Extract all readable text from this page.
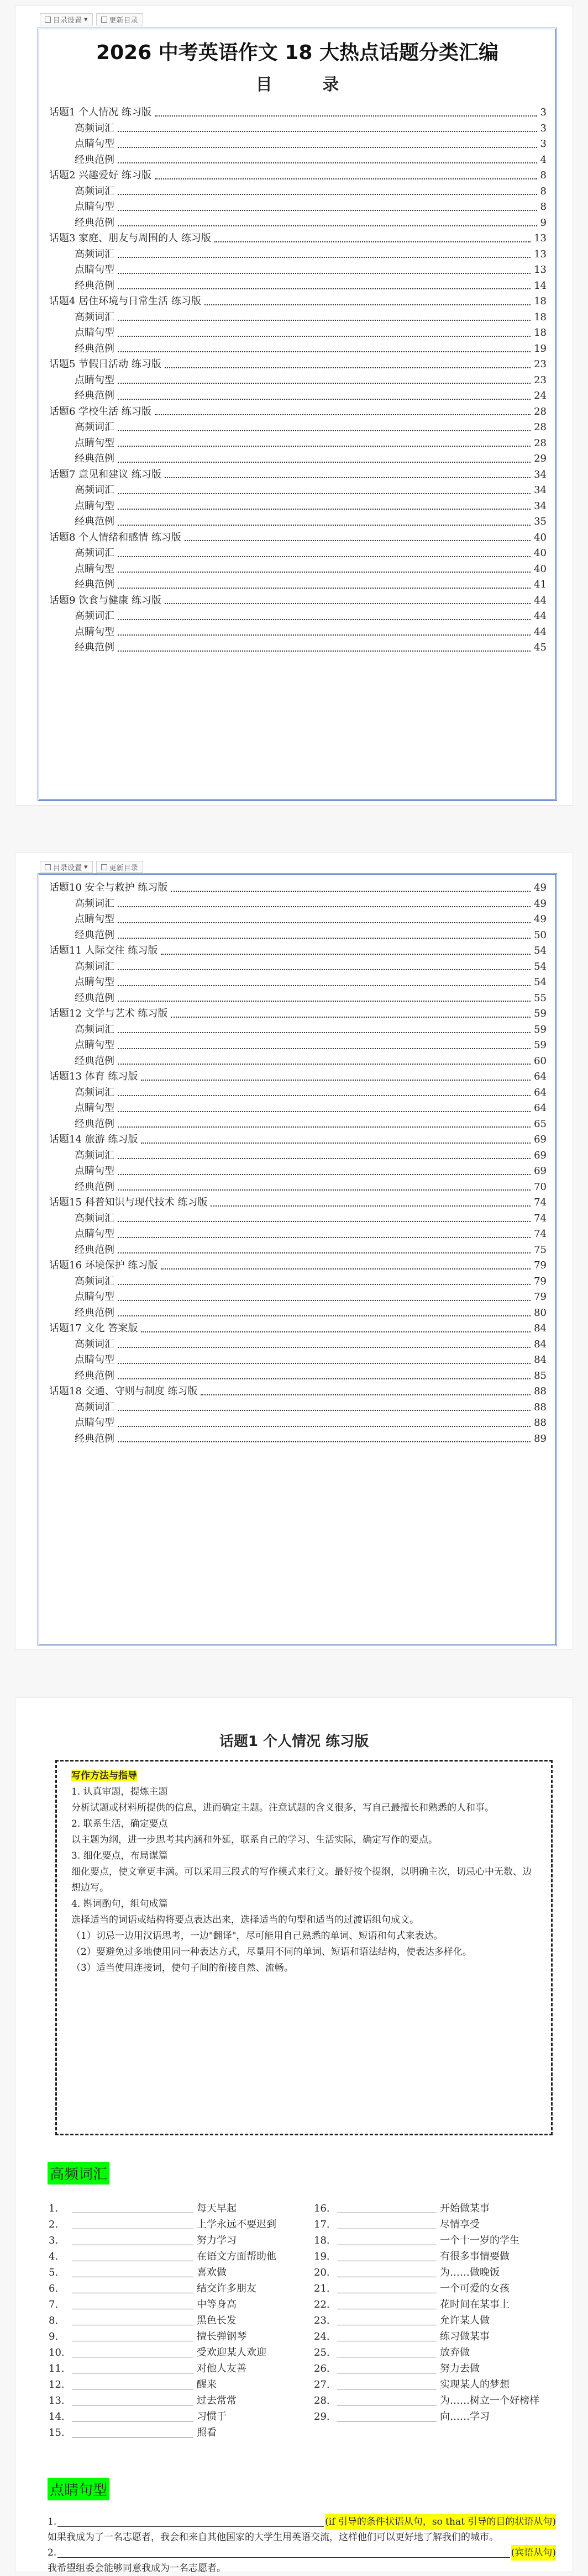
目录设置 ▾	更新目录
2026 中考英语作文 18 大热点话题分类汇编
目 录
话题1 个人情况 练习版	3
高频词汇	3
点睛句型	3
经典范例	4
话题2 兴趣爱好 练习版	8
高频词汇	8
点睛句型	8
经典范例	9
话题3 家庭、朋友与周围的人 练习版	13
高频词汇	13
点睛句型	13
经典范例	14
话题4 居住环境与日常生活 练习版	18
高频词汇	18
点睛句型	18
经典范例	19
话题5 节假日活动 练习版	23
点睛句型	23
经典范例	24
话题6 学校生活 练习版	28
高频词汇	28
点睛句型	28
经典范例	29
话题7 意见和建议 练习版	34
高频词汇	34
点睛句型	34
经典范例	35
话题8 个人情绪和感情 练习版	40
高频词汇	40
点睛句型	40
经典范例	41
话题9 饮食与健康 练习版	44
高频词汇	44
点睛句型	44
经典范例	45
目录设置 ▾	更新目录
话题10 安全与救护 练习版	49
高频词汇	49
点睛句型	49
经典范例	50
话题11 人际交往 练习版	54
高频词汇	54
点睛句型	54
经典范例	55
话题12 文学与艺术 练习版	59
高频词汇	59
点睛句型	59
经典范例	60
话题13 体育 练习版	64
高频词汇	64
点睛句型	64
经典范例	65
话题14 旅游 练习版	69
高频词汇	69
点睛句型	69
经典范例	70
话题15 科普知识与现代技术 练习版	74
高频词汇	74
点睛句型	74
经典范例	75
话题16 环境保护 练习版	79
高频词汇	79
点睛句型	79
经典范例	80
话题17 文化 答案版	84
高频词汇	84
点睛句型	84
经典范例	85
话题18 交通、守则与制度 练习版	88
高频词汇	88
点睛句型	88
经典范例	89
话题1 个人情况 练习版

写作方法与指导

1. 认真审题，提炼主题

分析试题或材料所提供的信息，进而确定主题。注意试题的含义很多，写自己最擅长和熟悉的人和事。

2. 联系生活，确定要点

以主题为纲，进一步思考其内涵和外延，联系自己的学习、生活实际，确定写作的要点。

3. 细化要点，布局谋篇

细化要点，使文章更丰满。可以采用三段式的写作模式来行文。最好按个提纲，以明确主次，切忌心中无数、边想边写。

4. 斟词酌句，组句成篇

选择适当的词语或结构将要点表达出来，选择适当的句型和适当的过渡语组句成文。

（1）切忌一边用汉语思考，一边"翻译"，尽可能用自己熟悉的单词、短语和句式来表达。

（2）要避免过多地使用同一种表达方式，尽量用不同的单词、短语和语法结构，使表达多样化。

（3）适当使用连接词，使句子间的衔接自然、流畅。

高频词汇
1.	每天早起
2.	上学永远不要迟到
3.	努力学习
4.	在语文方面帮助他
5.	喜欢做
6.	结交许多朋友
7.	中等身高
8.	黑色长发
9.	擅长弹钢琴
10.	受欢迎某人欢迎
11.	对他人友善
12.	醒来
13.	过去常常
14.	习惯于
15.	照看
16.	开始做某事
17.	尽情享受
18.	一个十一岁的学生
19.	有很多事情要做
20.	为……做晚饭
21.	一个可爱的女孩
22.	花时间在某事上
23.	允许某人做
24.	练习做某事
25.	放弃做
26.	努力去做
27.	实现某人的梦想
28.	为……树立一个好榜样
29.	向……学习
点睛句型
1.	(if 引导的条件状语从句，so that 引导的目的状语从句)

如果我成为了一名志愿者，我会和来自其他国家的大学生用英语交流，这样他们可以更好地了解我们的城市。

2.	(宾语从句)

我希望组委会能够同意我成为一名志愿者。
